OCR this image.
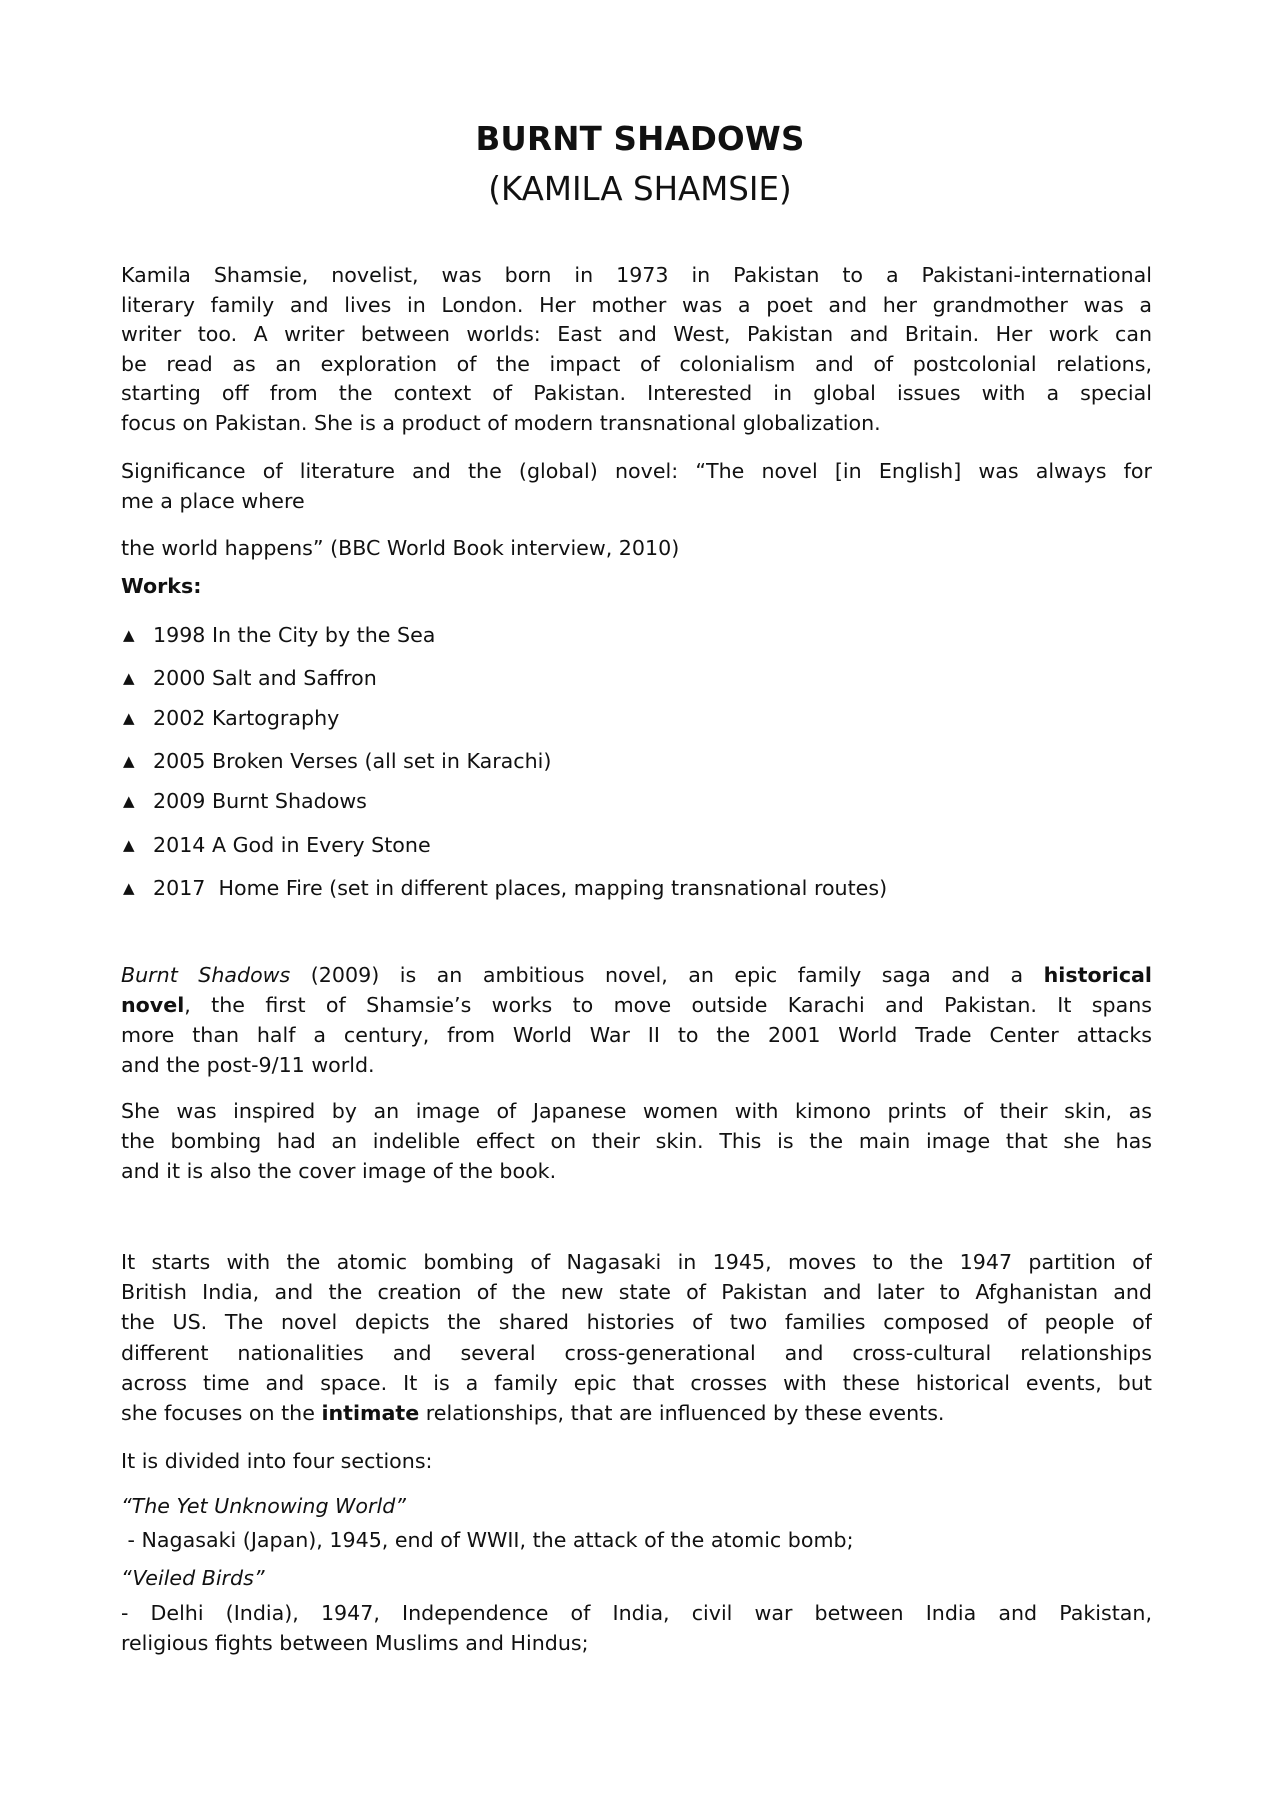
BURNT SHADOWS
(KAMILA SHAMSIE)
Kamila Shamsie, novelist, was born in 1973 in Pakistan to a Pakistani-international
literary family and lives in London. Her mother was a poet and her grandmother was a
writer too. A writer between worlds: East and West, Pakistan and Britain. Her work can
be read as an exploration of the impact of colonialism and of postcolonial relations,
starting off from the context of Pakistan. Interested in global issues with a special
focus on Pakistan. She is a product of modern transnational globalization.
Significance of literature and the (global) novel: “The novel [in English] was always for
me a place where
the world happens” (BBC World Book interview, 2010)
Works:

▲

1998 In the City by the Sea

▲

2000 Salt and Saffron

▲

2002 Kartography

▲

2005 Broken Verses (all set in Karachi)

▲

2009 Burnt Shadows

▲

2014 A God in Every Stone

▲

2017  Home Fire (set in different places, mapping transnational routes)

Burnt Shadows (2009) is an ambitious novel, an epic family saga and a historical
novel, the first of Shamsie’s works to move outside Karachi and Pakistan. It spans
more than half a century, from World War II to the 2001 World Trade Center attacks
and the post-9/11 world.
She was inspired by an image of Japanese women with kimono prints of their skin, as
the bombing had an indelible effect on their skin. This is the main image that she has
and it is also the cover image of the book.
It starts with the atomic bombing of Nagasaki in 1945, moves to the 1947 partition of
British India, and the creation of the new state of Pakistan and later to Afghanistan and
the US. The novel depicts the shared histories of two families composed of people of
different nationalities and several cross-generational and cross-cultural relationships
across time and space. It is a family epic that crosses with these historical events, but
she focuses on the intimate relationships, that are influenced by these events.
It is divided into four sections:
“The Yet Unknowing World”
- Nagasaki (Japan), 1945, end of WWII, the attack of the atomic bomb;
“Veiled Birds”
- Delhi (India), 1947, Independence of India, civil war between India and Pakistan,
religious fights between Muslims and Hindus;
